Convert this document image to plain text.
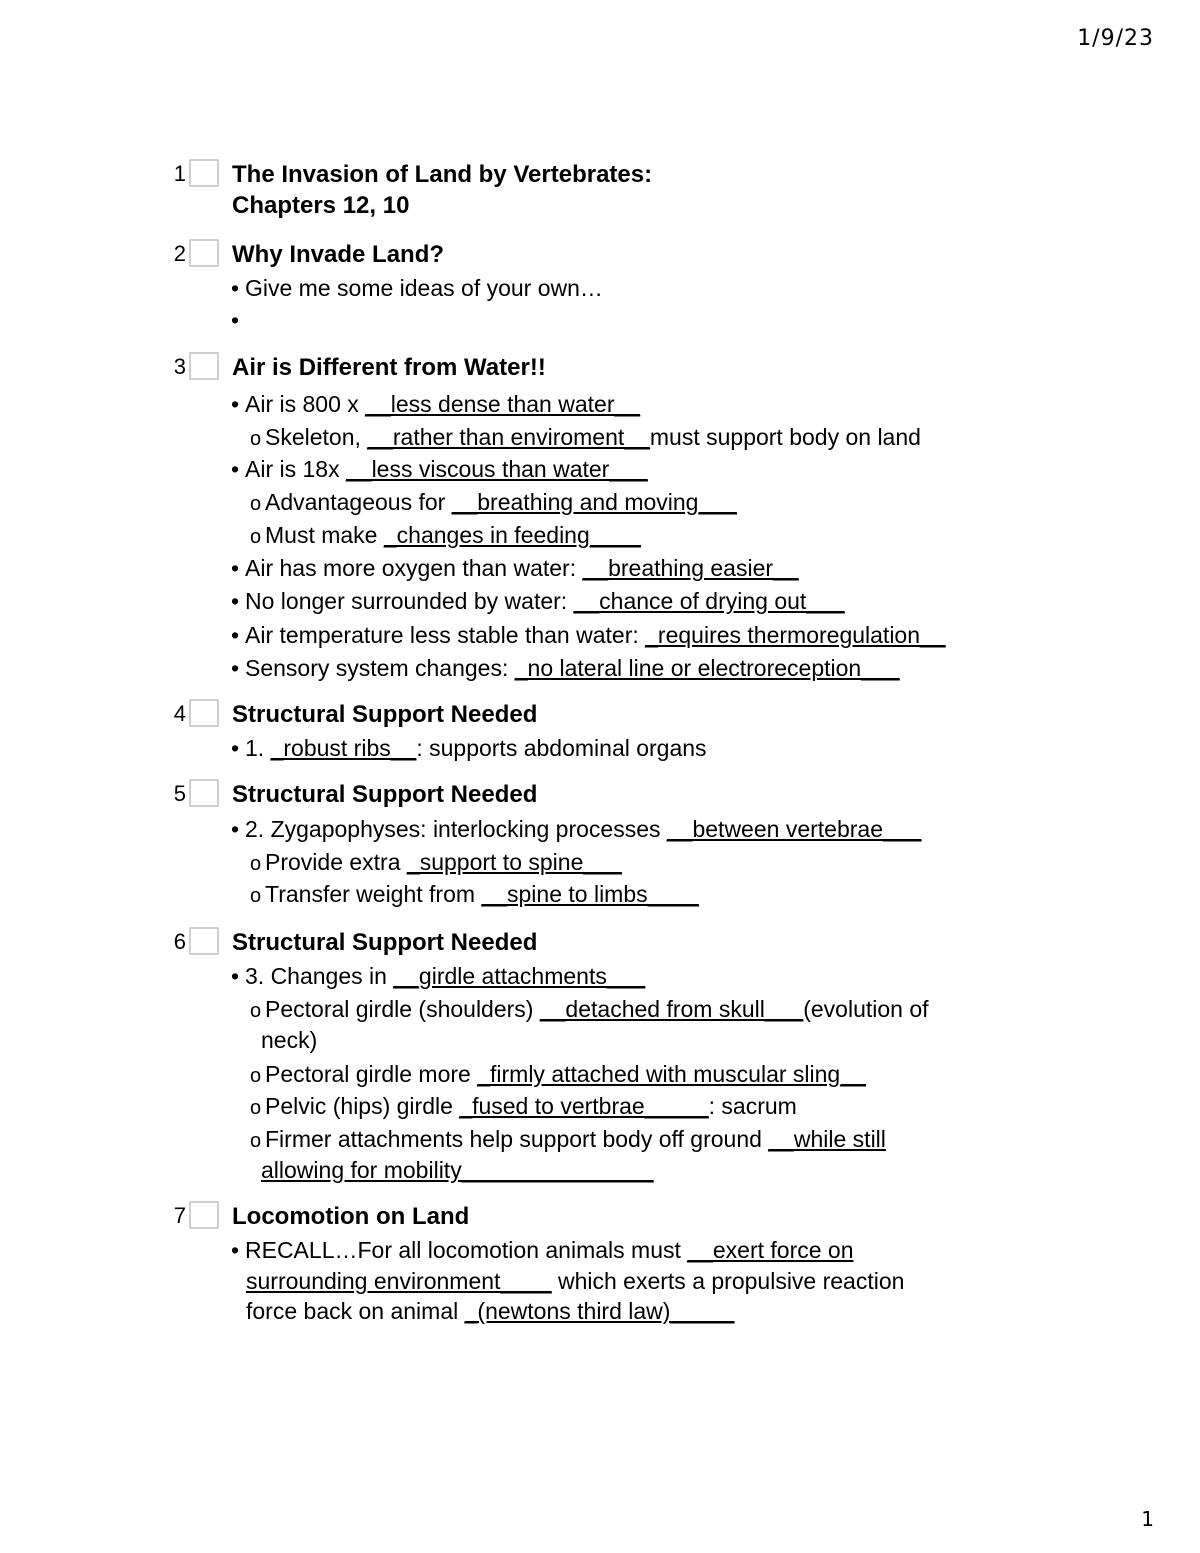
1/9/23
1 The Invasion of Land by Vertebrates:
Chapters 12, 10
2 Why Invade Land?
• Give me some ideas of your own…
•
3 Air is Different from Water!!
• Air is 800 x __less dense than water__
o Skeleton, __rather than enviroment__must support body on land
• Air is 18x __less viscous than water___
o Advantageous for __breathing and moving___
o Must make _changes in feeding____
• Air has more oxygen than water: __breathing easier__
• No longer surrounded by water: __chance of drying out___
• Air temperature less stable than water: _requires thermoregulation__
• Sensory system changes: _no lateral line or electroreception___
4 Structural Support Needed
• 1. _robust ribs__: supports abdominal organs
5 Structural Support Needed
• 2. Zygapophyses: interlocking processes __between vertebrae___
o Provide extra _support to spine___
o Transfer weight from __spine to limbs____
6 Structural Support Needed
• 3. Changes in __girdle attachments___
o Pectoral girdle (shoulders) __detached from skull___(evolution of
neck)
o Pectoral girdle more _firmly attached with muscular sling__
o Pelvic (hips) girdle _fused to vertbrae_____: sacrum
o Firmer attachments help support body off ground __while still
allowing for mobility_______________
7 Locomotion on Land
• RECALL…For all locomotion animals must __exert force on
surrounding environment____ which exerts a propulsive reaction
force back on animal _(newtons third law)_____
1
